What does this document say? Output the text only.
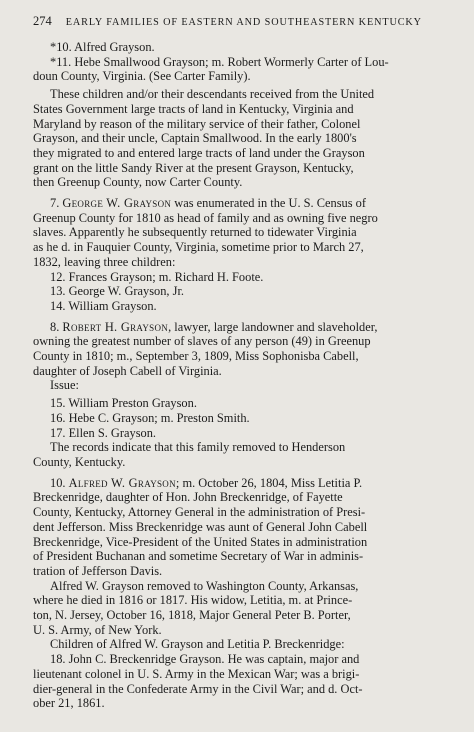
274 EARLY FAMILIES OF EASTERN AND SOUTHEASTERN KENTUCKY

*10. Alfred Grayson.

*11. Hebe Smallwood Grayson; m. Robert Wormerly Carter of Lou-

doun County, Virginia. (See Carter Family).

These children and/or their descendants received from the United

States Government large tracts of land in Kentucky, Virginia and

Maryland by reason of the military service of their father, Colonel

Grayson, and their uncle, Captain Smallwood. In the early 1800's

they migrated to and entered large tracts of land under the Grayson

grant on the little Sandy River at the present Grayson, Kentucky,

then Greenup County, now Carter County.

7. George W. Grayson was enumerated in the U. S. Census of

Greenup County for 1810 as head of family and as owning five negro

slaves. Apparently he subsequently returned to tidewater Virginia

as he d. in Fauquier County, Virginia, sometime prior to March 27,

1832, leaving three children:

12. Frances Grayson; m. Richard H. Foote.

13. George W. Grayson, Jr.

14. William Grayson.

8. Robert H. Grayson, lawyer, large landowner and slaveholder,

owning the greatest number of slaves of any person (49) in Greenup

County in 1810; m., September 3, 1809, Miss Sophonisba Cabell,

daughter of Joseph Cabell of Virginia.

Issue:

15. William Preston Grayson.

16. Hebe C. Grayson; m. Preston Smith.

17. Ellen S. Grayson.

The records indicate that this family removed to Henderson

County, Kentucky.

10. Alfred W. Grayson; m. October 26, 1804, Miss Letitia P.

Breckenridge, daughter of Hon. John Breckenridge, of Fayette

County, Kentucky, Attorney General in the administration of Presi-

dent Jefferson. Miss Breckenridge was aunt of General John Cabell

Breckenridge, Vice-President of the United States in administration

of President Buchanan and sometime Secretary of War in adminis-

tration of Jefferson Davis.

Alfred W. Grayson removed to Washington County, Arkansas,

where he died in 1816 or 1817. His widow, Letitia, m. at Prince-

ton, N. Jersey, October 16, 1818, Major General Peter B. Porter,

U. S. Army, of New York.

Children of Alfred W. Grayson and Letitia P. Breckenridge:

18. John C. Breckenridge Grayson. He was captain, major and

lieutenant colonel in U. S. Army in the Mexican War; was a brigi-

dier-general in the Confederate Army in the Civil War; and d. Oct-

ober 21, 1861.
